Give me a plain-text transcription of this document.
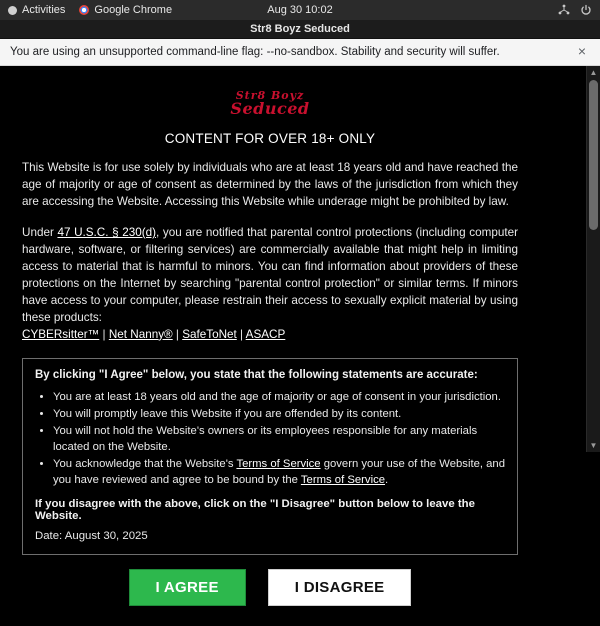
Activities	Google Chrome	Aug 30 10:02
Str8 Boyz Seduced
You are using an unsupported command-line flag: --no-sandbox. Stability and security will suffer.	×
Str8 Boyz
Seduced
CONTENT FOR OVER 18+ ONLY

This Website is for use solely by individuals who are at least 18 years old and have reached the age of majority or age of consent as determined by the laws of the jurisdiction from which they are accessing the Website. Accessing this Website while underage might be prohibited by law.

Under 47 U.S.C. § 230(d), you are notified that parental control protections (including computer hardware, software, or filtering services) are commercially available that might help in limiting access to material that is harmful to minors. You can find information about providers of these protections on the Internet by searching "parental control protection" or similar terms. If minors have access to your computer, please restrain their access to sexually explicit material by using these products:
CYBERsitter™ | Net Nanny® | SafeToNet | ASACP

By clicking "I Agree" below, you state that the following statements are accurate:

• You are at least 18 years old and the age of majority or age of consent in your jurisdiction.
• You will promptly leave this Website if you are offended by its content.
• You will not hold the Website's owners or its employees responsible for any materials located on the Website.
• You acknowledge that the Website's Terms of Service govern your use of the Website, and you have reviewed and agree to be bound by the Terms of Service.

If you disagree with the above, click on the "I Disagree" button below to leave the Website.

Date: August 30, 2025

I AGREE	I DISAGREE
▲
▼
